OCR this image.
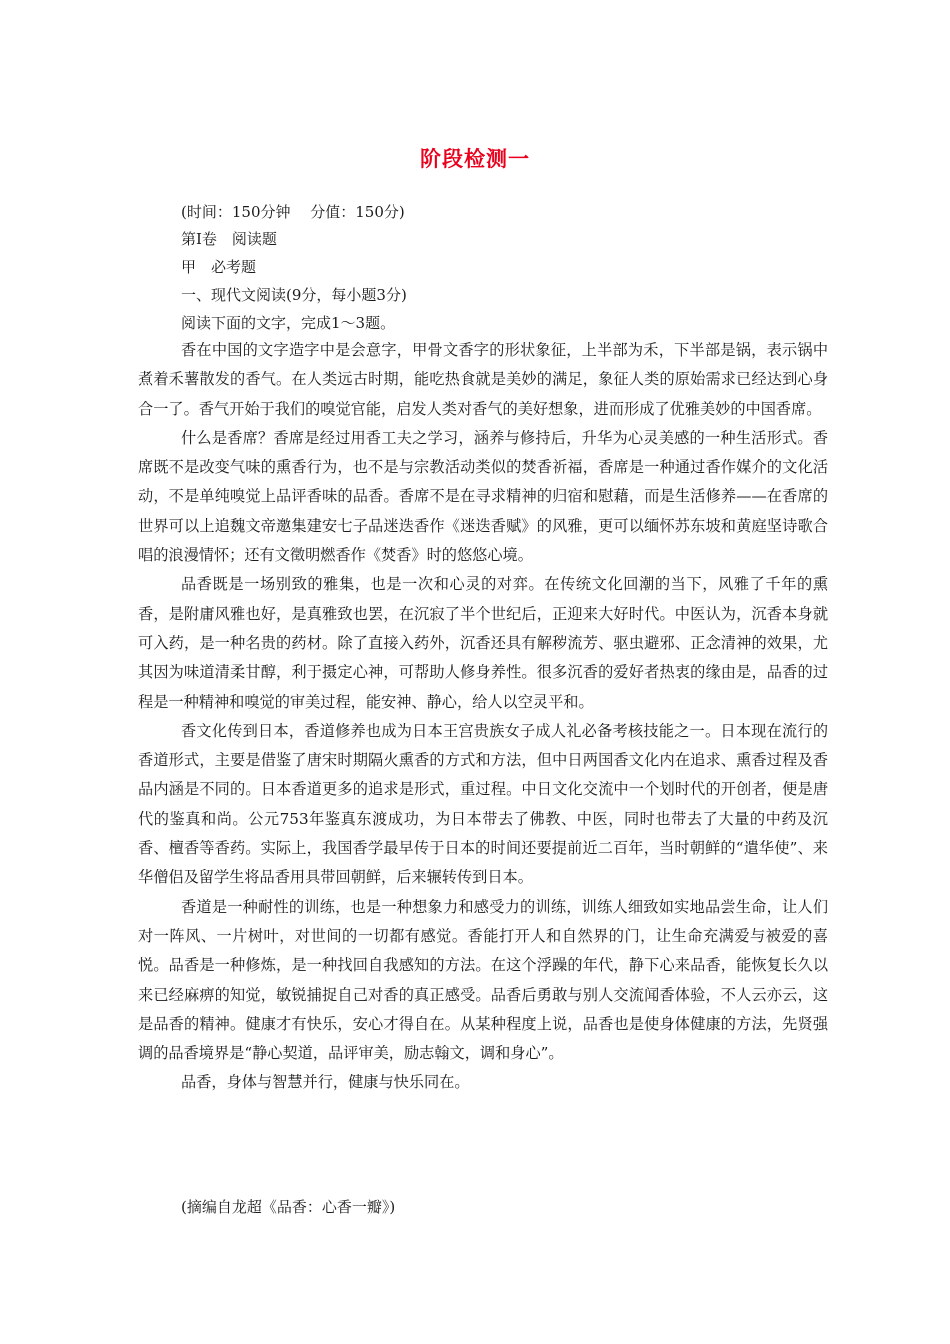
阶段检测一
(时间：150分钟　 分值：150分)
第Ⅰ卷　阅读题
甲　必考题
一、现代文阅读(9分，每小题3分)
阅读下面的文字，完成1～3题。

香在中国的文字造字中是会意字，甲骨文香字的形状象征，上半部为禾，下半部是锅，表示锅中煮着禾薯散发的香气。在人类远古时期，能吃热食就是美妙的满足，象征人类的原始需求已经达到心身合一了。香气开始于我们的嗅觉官能，启发人类对香气的美好想象，进而形成了优雅美妙的中国香席。

什么是香席？香席是经过用香工夫之学习，涵养与修持后，升华为心灵美感的一种生活形式。香席既不是改变气味的熏香行为，也不是与宗教活动类似的焚香祈福，香席是一种通过香作媒介的文化活动，不是单纯嗅觉上品评香味的品香。香席不是在寻求精神的归宿和慰藉，而是生活修养——在香席的世界可以上追魏文帝邀集建安七子品迷迭香作《迷迭香赋》的风雅，更可以缅怀苏东坡和黄庭坚诗歌合唱的浪漫情怀；还有文徵明燃香作《焚香》时的悠悠心境。

品香既是一场别致的雅集，也是一次和心灵的对弈。在传统文化回潮的当下，风雅了千年的熏香，是附庸风雅也好，是真雅致也罢，在沉寂了半个世纪后，正迎来大好时代。中医认为，沉香本身就可入药，是一种名贵的药材。除了直接入药外，沉香还具有解秽流芳、驱虫避邪、正念清神的效果，尤其因为味道清柔甘醇，利于摄定心神，可帮助人修身养性。很多沉香的爱好者热衷的缘由是，品香的过程是一种精神和嗅觉的审美过程，能安神、静心，给人以空灵平和。

香文化传到日本，香道修养也成为日本王宫贵族女子成人礼必备考核技能之一。日本现在流行的香道形式，主要是借鉴了唐宋时期隔火熏香的方式和方法，但中日两国香文化内在追求、熏香过程及香品内涵是不同的。日本香道更多的追求是形式，重过程。中日文化交流中一个划时代的开创者，便是唐代的鉴真和尚。公元753年鉴真东渡成功，为日本带去了佛教、中医，同时也带去了大量的中药及沉香、檀香等香药。实际上，我国香学最早传于日本的时间还要提前近二百年，当时朝鲜的“遣华使”、来华僧侣及留学生将品香用具带回朝鲜，后来辗转传到日本。

香道是一种耐性的训练，也是一种想象力和感受力的训练，训练人细致如实地品尝生命，让人们对一阵风、一片树叶，对世间的一切都有感觉。香能打开人和自然界的门，让生命充满爱与被爱的喜悦。品香是一种修炼，是一种找回自我感知的方法。在这个浮躁的年代，静下心来品香，能恢复长久以来已经麻痹的知觉，敏锐捕捉自己对香的真正感受。品香后勇敢与别人交流闻香体验，不人云亦云，这是品香的精神。健康才有快乐，安心才得自在。从某种程度上说，品香也是使身体健康的方法，先贤强调的品香境界是“静心契道，品评审美，励志翰文，调和身心”。

品香，身体与智慧并行，健康与快乐同在。

(摘编自龙超《品香：心香一瓣》)
